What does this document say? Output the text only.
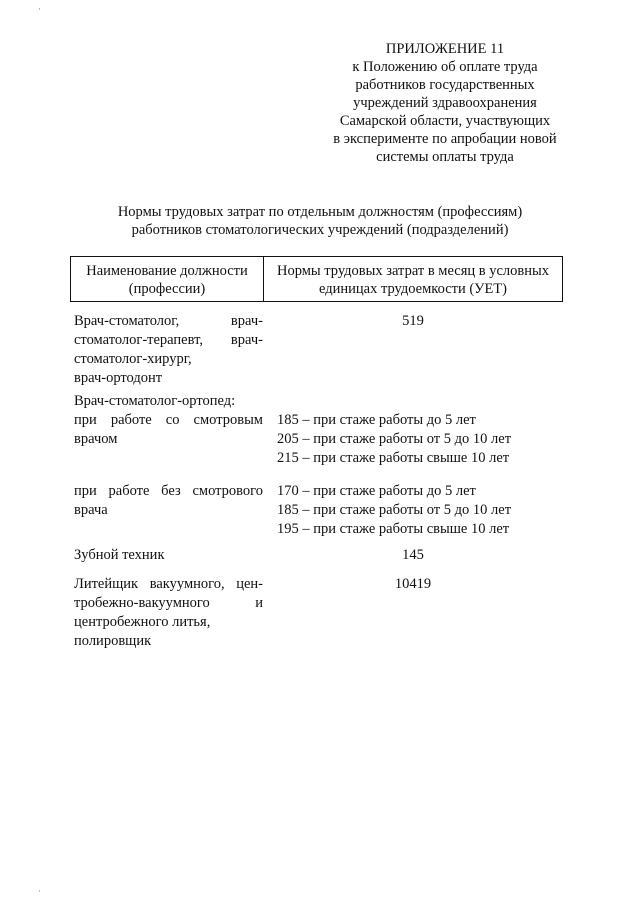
·
·
ПРИЛОЖЕНИЕ 11
к Положению об оплате труда
работников государственных
учреждений здравоохранения
Самарской области, участвующих
в эксперименте по апробации новой
системы оплаты труда
Нормы трудовых затрат по отдельным должностям (профессиям)
работников стоматологических учреждений (подразделений)
Наименование должности
(профессии)
Нормы трудовых затрат в месяц в условных
единицах трудоемкости (УЕТ)
Врач-стоматолог, врач-
стоматолог-терапевт, врач-
стоматолог-хирург,
врач-ортодонт
519
Врач-стоматолог-ортопед:
при работе со смотровым
врачом
185 – при стаже работы до 5 лет
205 – при стаже работы от 5 до 10 лет
215 – при стаже работы свыше 10 лет
при работе без смотрового
врача
170 – при стаже работы до 5 лет
185 – при стаже работы от 5 до 10 лет
195 – при стаже работы свыше 10 лет
Зубной техник	145
Литейщик вакуумного, цен-
тробежно-вакуумного и
центробежного литья,
полировщик
10419
